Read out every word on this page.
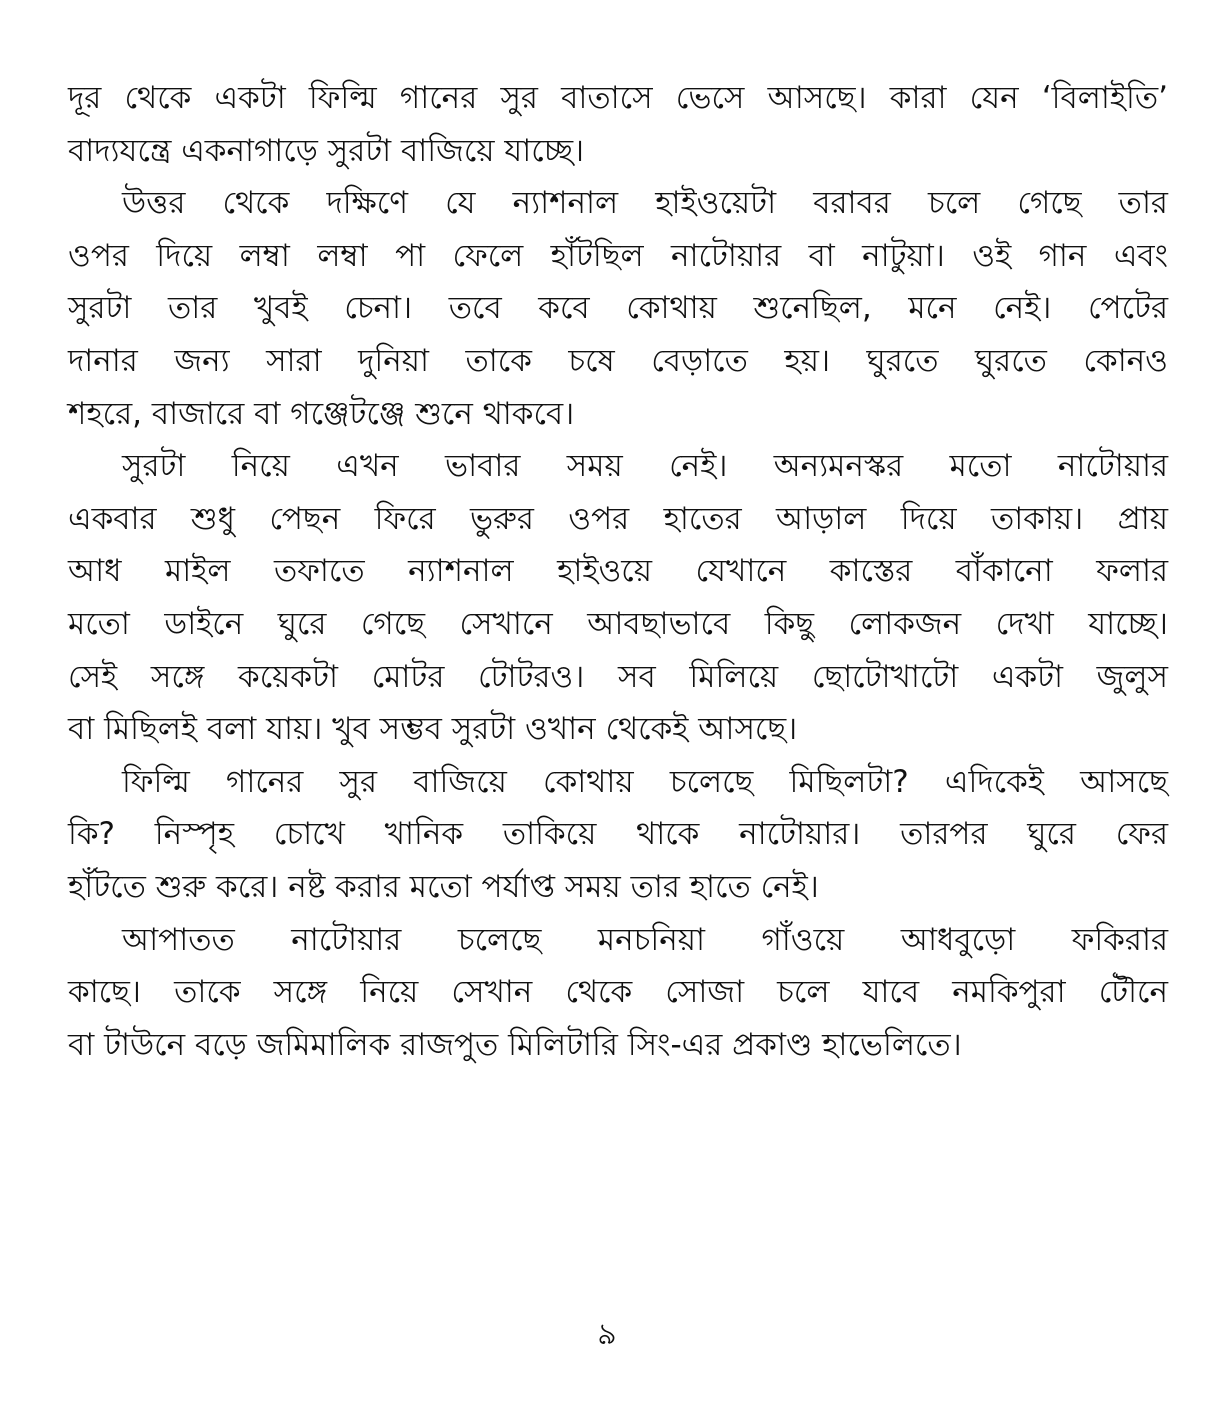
দূর থেকে একটা ফিল্মি গানের সুর বাতাসে ভেসে আসছে। কারা যেন ‘বিলাইতি’
বাদ্যযন্ত্রে একনাগাড়ে সুরটা বাজিয়ে যাচ্ছে।
উত্তর থেকে দক্ষিণে যে ন্যাশনাল হাইওয়েটা বরাবর চলে গেছে তার
ওপর দিয়ে লম্বা লম্বা পা ফেলে হাঁটছিল নাটোয়ার বা নাটুয়া। ওই গান এবং
সুরটা তার খুবই চেনা। তবে কবে কোথায় শুনেছিল, মনে নেই। পেটের
দানার জন্য সারা দুনিয়া তাকে চষে বেড়াতে হয়। ঘুরতে ঘুরতে কোনও
শহরে, বাজারে বা গঞ্জেটঞ্জে শুনে থাকবে।
সুরটা নিয়ে এখন ভাবার সময় নেই। অন্যমনস্কর মতো নাটোয়ার
একবার শুধু পেছন ফিরে ভুরুর ওপর হাতের আড়াল দিয়ে তাকায়। প্রায়
আধ মাইল তফাতে ন্যাশনাল হাইওয়ে যেখানে কাস্তের বাঁকানো ফলার
মতো ডাইনে ঘুরে গেছে সেখানে আবছাভাবে কিছু লোকজন দেখা যাচ্ছে।
সেই সঙ্গে কয়েকটা মোটর টোটরও। সব মিলিয়ে ছোটোখাটো একটা জুলুস
বা মিছিলই বলা যায়। খুব সম্ভব সুরটা ওখান থেকেই আসছে।
ফিল্মি গানের সুর বাজিয়ে কোথায় চলেছে মিছিলটা? এদিকেই আসছে
কি? নিস্পৃহ চোখে খানিক তাকিয়ে থাকে নাটোয়ার। তারপর ঘুরে ফের
হাঁটতে শুরু করে। নষ্ট করার মতো পর্যাপ্ত সময় তার হাতে নেই।
আপাতত নাটোয়ার চলেছে মনচনিয়া গাঁওয়ে আধবুড়ো ফকিরার
কাছে। তাকে সঙ্গে নিয়ে সেখান থেকে সোজা চলে যাবে নমকিপুরা টৌনে
বা টাউনে বড়ে জমিমালিক রাজপুত মিলিটারি সিং-এর প্রকাণ্ড হাভেলিতে।
৯
